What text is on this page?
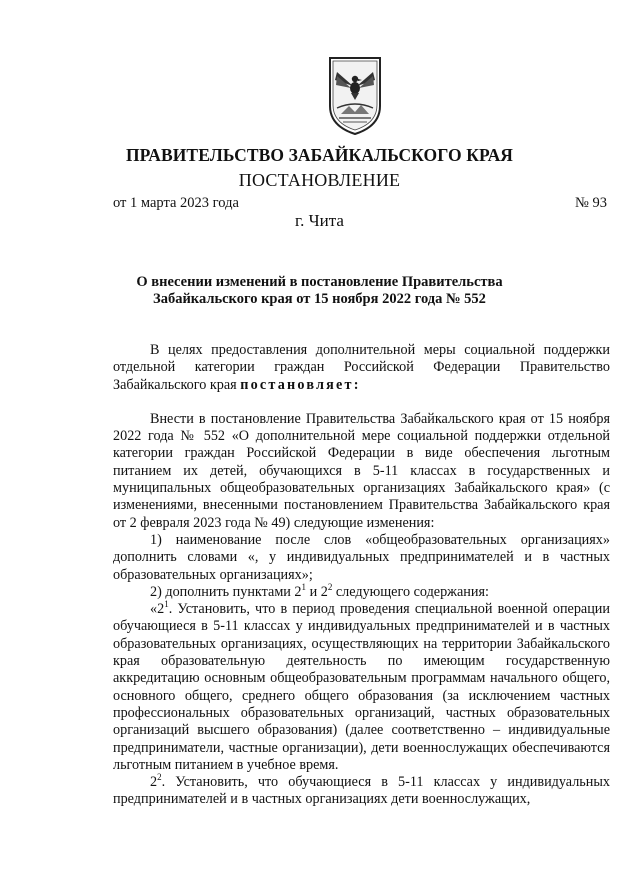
ПРАВИТЕЛЬСТВО ЗАБАЙКАЛЬСКОГО КРАЯ
ПОСТАНОВЛЕНИЕ
от 1 марта 2023 года	№ 93
г. Чита
О внесении изменений в постановление Правительства
Забайкальского края от 15 ноября 2022 года № 552

В целях предоставления дополнительной меры социальной поддержки отдельной категории граждан Российской Федерации Правительство Забайкальского края постановляет:

Внести в постановление Правительства Забайкальского края от 15 ноября 2022 года № 552 «О дополнительной мере социальной поддержки отдельной категории граждан Российской Федерации в виде обеспечения льготным питанием их детей, обучающихся в 5-11 классах в государственных и муниципальных общеобразовательных организациях Забайкальского края» (с изменениями, внесенными постановлением Правительства Забайкальского края от 2 февраля 2023 года № 49) следующие изменения:

1) наименование после слов «общеобразовательных организациях» дополнить словами «, у индивидуальных предпринимателей и в частных образовательных организациях»;

2) дополнить пунктами $2^1$ и $2^2$ следующего содержания:

«$2^1$. Установить, что в период проведения специальной военной операции обучающиеся в 5-11 классах у индивидуальных предпринимателей и в частных образовательных организациях, осуществляющих на территории Забайкальского края образовательную деятельность по имеющим государственную аккредитацию основным общеобразовательным программам начального общего, основного общего, среднего общего образования (за исключением частных профессиональных образовательных организаций, частных образовательных организаций высшего образования) (далее соответственно – индивидуальные предприниматели, частные организации), дети военнослужащих обеспечиваются льготным питанием в учебное время.

$2^2$. Установить, что обучающиеся в 5-11 классах у индивидуальных предпринимателей и в частных организациях дети военнослужащих,
